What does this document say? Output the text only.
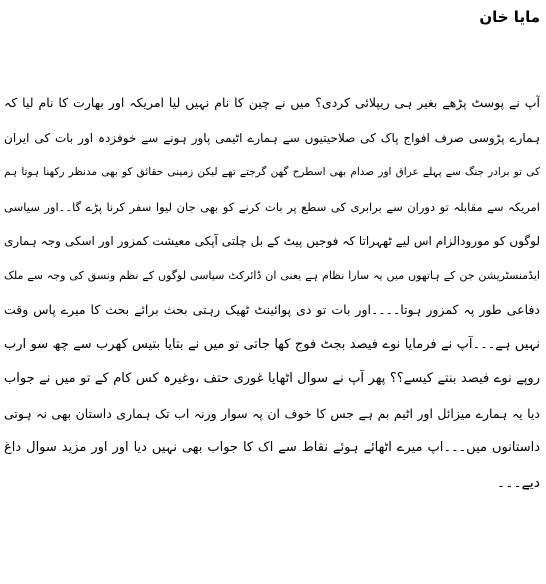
مایا خان
آپ نے پوسٹ پڑھے بغیر ہی ریپلائی کردی؟ میں نے چین کا نام نہیں لیا امریکہ اور بھارت کا نام لیا کہ
ہمارے پڑوسی صرف افواج پاک کی صلاحیتیوں سے ہمارے اٹیمی پاور ہونے سے خوفزدہ اور بات کی ایران
کی تو برادر جنگ سے پہلے عراق اور صدام بھی اسطرح گھن گرجتے تھے لیکن زمینی حقائق کو بھی مدنظر رکھنا ہوتا ہم
امریکہ سے مقابلہ تو دوران سے برابری کی سطع پر بات کرنے کو بھی جان لیوا سفر کرنا پڑے گا۔۔اور سیاسی
لوگوں کو مورودالزام اس لیے ٹھہراتا کہ فوجیں پیٹ کے بل چلتی آپکی معیشت کمزور اور اسکی وجہ ہماری
ایڈمنسٹریشن جن کے ہاتھوں میں یہ سارا نظام ہے یعنی ان ڈائرکٹ سیاسی لوگوں کے نظم ونسق کی وجہ سے ملک
دفاعی طور پہ کمزور ہوتا۔۔۔۔اور بات تو دی پوائینٹ ٹھیک رہتی بحث برائے بحث کا میرے پاس وقت
نہیں ہے۔۔۔آپ نے فرمایا نوے فیصد بجٹ فوج کھا جاتی تو میں نے بتایا بتیس کھرب سے چھ سو ارب
روپے نوے فیصد بنتے کیسے؟؟ پھر آپ نے سوال اٹھایا غوری حتف ،وغیرہ کس کام کے تو میں نے جواب
دیا یہ ہمارے میزائل اور اٹیم بم ہے جس کا خوف ان پہ سوار ورنہ اب تک ہماری داستان بھی نہ ہوتی
داستانوں میں۔۔۔اپ میرے اٹھائے ہوئے نقاط سے اک کا جواب بھی نہیں دیا اور اور مزید سوال داغ
دیے۔۔۔
